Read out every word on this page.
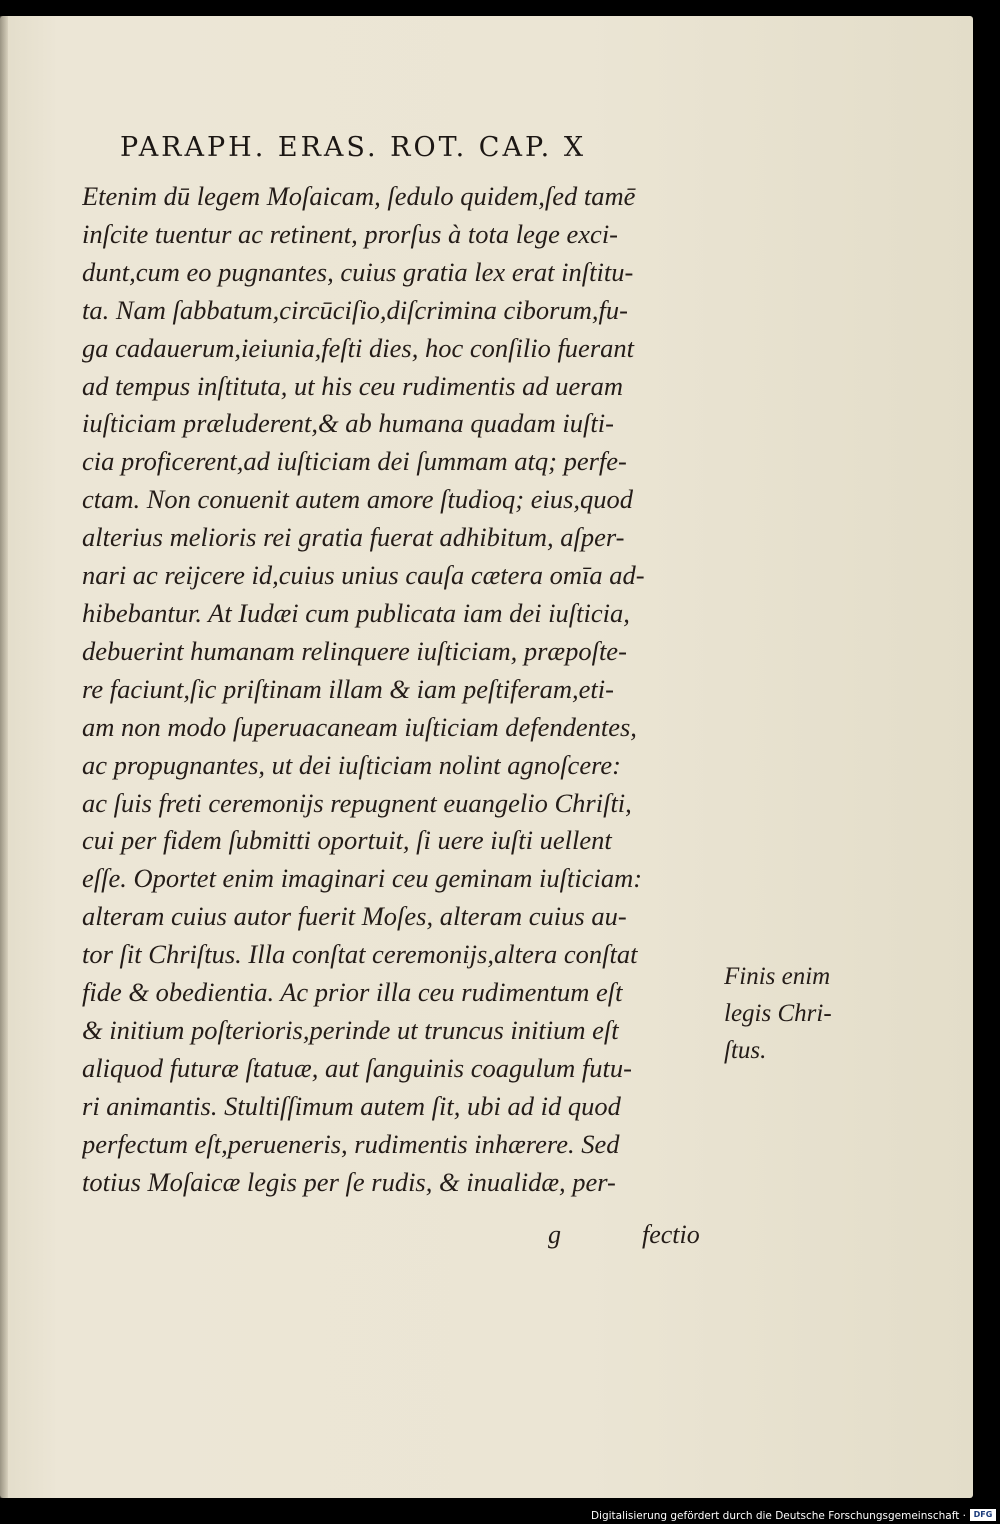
PARAPH. ERAS. ROT. CAP. X
Etenim dū legem Moſaicam, ſedulo quidem,ſed tamē
inſcite tuentur ac retinent, prorſus à tota lege exci-
dunt,cum eo pugnantes, cuius gratia lex erat inſtitu-
ta. Nam ſabbatum,circūciſio,diſcrimina ciborum,fu-
ga cadauerum,ieiunia,feſti dies, hoc conſilio fuerant
ad tempus inſtituta, ut his ceu rudimentis ad ueram
iuſticiam præluderent,& ab humana quadam iuſti-
cia proficerent,ad iuſticiam dei ſummam atq; perfe-
ctam. Non conuenit autem amore ſtudioq; eius,quod
alterius melioris rei gratia fuerat adhibitum, aſper-
nari ac reijcere id,cuius unius cauſa cætera omīa ad-
hibebantur. At Iudæi cum publicata iam dei iuſticia,
debuerint humanam relinquere iuſticiam, præpoſte-
re faciunt,ſic priſtinam illam & iam peſtiferam,eti-
am non modo ſuperuacaneam iuſticiam defendentes,
ac propugnantes, ut dei iuſticiam nolint agnoſcere:
ac ſuis freti ceremonijs repugnent euangelio Chriſti,
cui per fidem ſubmitti oportuit, ſi uere iuſti uellent
eſſe. Oportet enim imaginari ceu geminam iuſticiam:
alteram cuius autor fuerit Moſes, alteram cuius au-
tor ſit Chriſtus. Illa conſtat ceremonijs,altera conſtat
fide & obedientia. Ac prior illa ceu rudimentum eſt
& initium poſterioris,perinde ut truncus initium eſt
aliquod futuræ ſtatuæ, aut ſanguinis coagulum futu-
ri animantis. Stultiſſimum autem ſit, ubi ad id quod
perfectum eſt,perueneris, rudimentis inhærere. Sed
totius Moſaicæ legis per ſe rudis, & inualidæ, per-
Finis enim
legis Chri-
ſtus.
g	fectio
Digitalisierung gefördert durch die Deutsche Forschungsgemeinschaft · DFG
